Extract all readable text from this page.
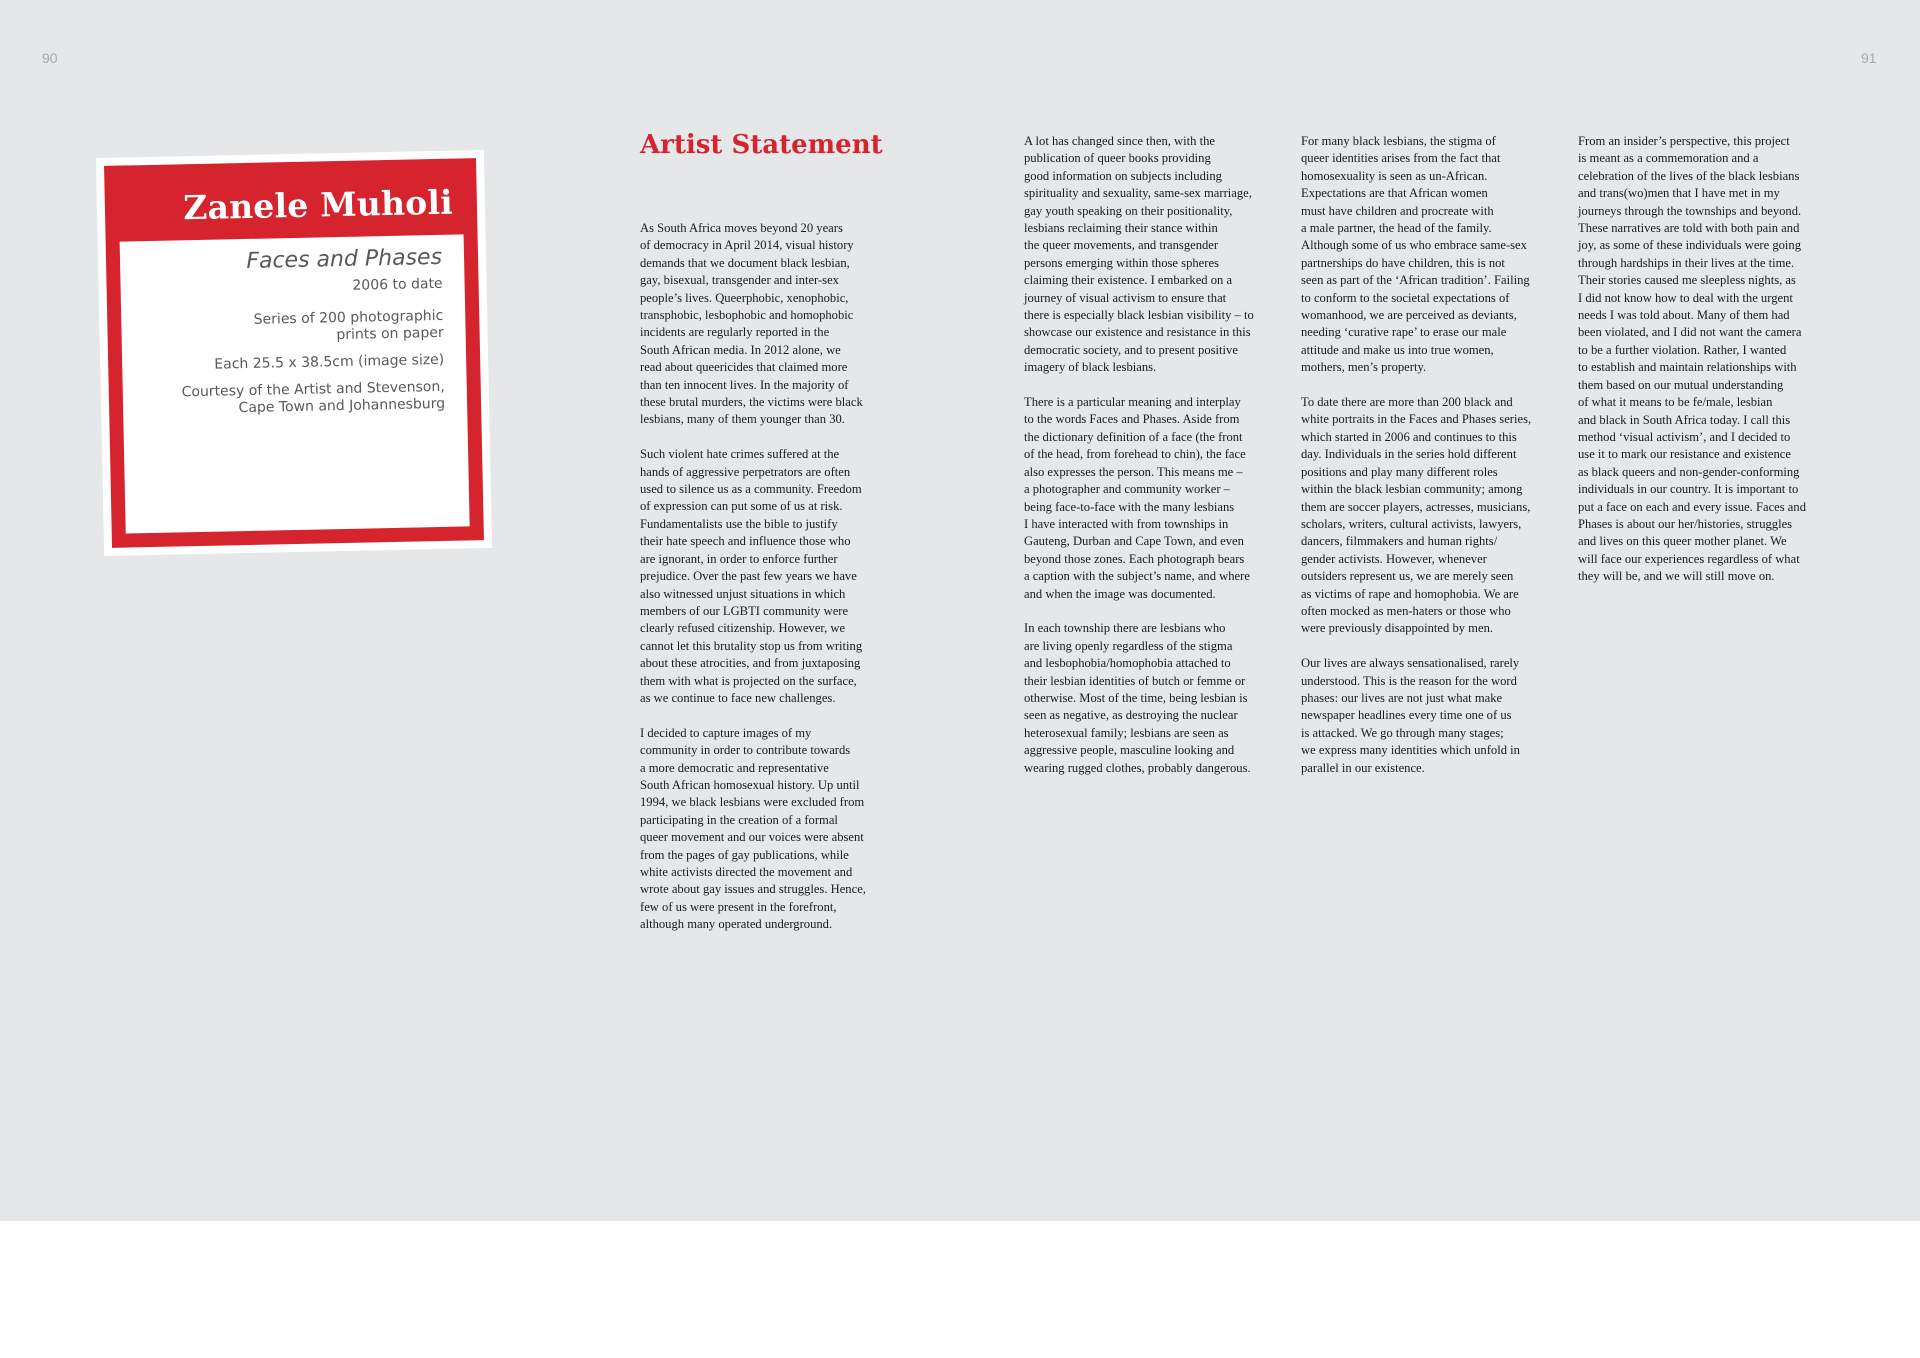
90	91
Zanele Muholi
Faces and Phases
2006 to date
Series of 200 photographic
prints on paper
Each 25.5 x 38.5cm (image size)
Courtesy of the Artist and Stevenson,
Cape Town and Johannesburg
Artist Statement

As South Africa moves beyond 20 years
of democracy in April 2014, visual history
demands that we document black lesbian,
gay, bisexual, transgender and inter-sex
people’s lives. Queerphobic, xenophobic,
transphobic, lesbophobic and homophobic
incidents are regularly reported in the
South African media. In 2012 alone, we
read about queericides that claimed more
than ten innocent lives. In the majority of
these brutal murders, the victims were black
lesbians, many of them younger than 30.

Such violent hate crimes suffered at the
hands of aggressive perpetrators are often
used to silence us as a community. Freedom
of expression can put some of us at risk.
Fundamentalists use the bible to justify
their hate speech and influence those who
are ignorant, in order to enforce further
prejudice. Over the past few years we have
also witnessed unjust situations in which
members of our LGBTI community were
clearly refused citizenship. However, we
cannot let this brutality stop us from writing
about these atrocities, and from juxtaposing
them with what is projected on the surface,
as we continue to face new challenges.

I decided to capture images of my
community in order to contribute towards
a more democratic and representative
South African homosexual history. Up until
1994, we black lesbians were excluded from
participating in the creation of a formal
queer movement and our voices were absent
from the pages of gay publications, while
white activists directed the movement and
wrote about gay issues and struggles. Hence,
few of us were present in the forefront,
although many operated underground.

A lot has changed since then, with the
publication of queer books providing
good information on subjects including
spirituality and sexuality, same-sex marriage,
gay youth speaking on their positionality,
lesbians reclaiming their stance within
the queer movements, and transgender
persons emerging within those spheres
claiming their existence. I embarked on a
journey of visual activism to ensure that
there is especially black lesbian visibility – to
showcase our existence and resistance in this
democratic society, and to present positive
imagery of black lesbians.

There is a particular meaning and interplay
to the words Faces and Phases. Aside from
the dictionary definition of a face (the front
of the head, from forehead to chin), the face
also expresses the person. This means me –
a photographer and community worker –
being face-to-face with the many lesbians
I have interacted with from townships in
Gauteng, Durban and Cape Town, and even
beyond those zones. Each photograph bears
a caption with the subject’s name, and where
and when the image was documented.

In each township there are lesbians who
are living openly regardless of the stigma
and lesbophobia/homophobia attached to
their lesbian identities of butch or femme or
otherwise. Most of the time, being lesbian is
seen as negative, as destroying the nuclear
heterosexual family; lesbians are seen as
aggressive people, masculine looking and
wearing rugged clothes, probably dangerous.

For many black lesbians, the stigma of
queer identities arises from the fact that
homosexuality is seen as un-African.
Expectations are that African women
must have children and procreate with
a male partner, the head of the family.
Although some of us who embrace same-sex
partnerships do have children, this is not
seen as part of the ‘African tradition’. Failing
to conform to the societal expectations of
womanhood, we are perceived as deviants,
needing ‘curative rape’ to erase our male
attitude and make us into true women,
mothers, men’s property.

To date there are more than 200 black and
white portraits in the Faces and Phases series,
which started in 2006 and continues to this
day. Individuals in the series hold different
positions and play many different roles
within the black lesbian community; among
them are soccer players, actresses, musicians,
scholars, writers, cultural activists, lawyers,
dancers, filmmakers and human rights/
gender activists. However, whenever
outsiders represent us, we are merely seen
as victims of rape and homophobia. We are
often mocked as men-haters or those who
were previously disappointed by men.

Our lives are always sensationalised, rarely
understood. This is the reason for the word
phases: our lives are not just what make
newspaper headlines every time one of us
is attacked. We go through many stages;
we express many identities which unfold in
parallel in our existence.

From an insider’s perspective, this project
is meant as a commemoration and a
celebration of the lives of the black lesbians
and trans(wo)men that I have met in my
journeys through the townships and beyond.
These narratives are told with both pain and
joy, as some of these individuals were going
through hardships in their lives at the time.
Their stories caused me sleepless nights, as
I did not know how to deal with the urgent
needs I was told about. Many of them had
been violated, and I did not want the camera
to be a further violation. Rather, I wanted
to establish and maintain relationships with
them based on our mutual understanding
of what it means to be fe/male, lesbian
and black in South Africa today. I call this
method ‘visual activism’, and I decided to
use it to mark our resistance and existence
as black queers and non-gender-conforming
individuals in our country. It is important to
put a face on each and every issue. Faces and
Phases is about our her/histories, struggles
and lives on this queer mother planet. We
will face our experiences regardless of what
they will be, and we will still move on.
